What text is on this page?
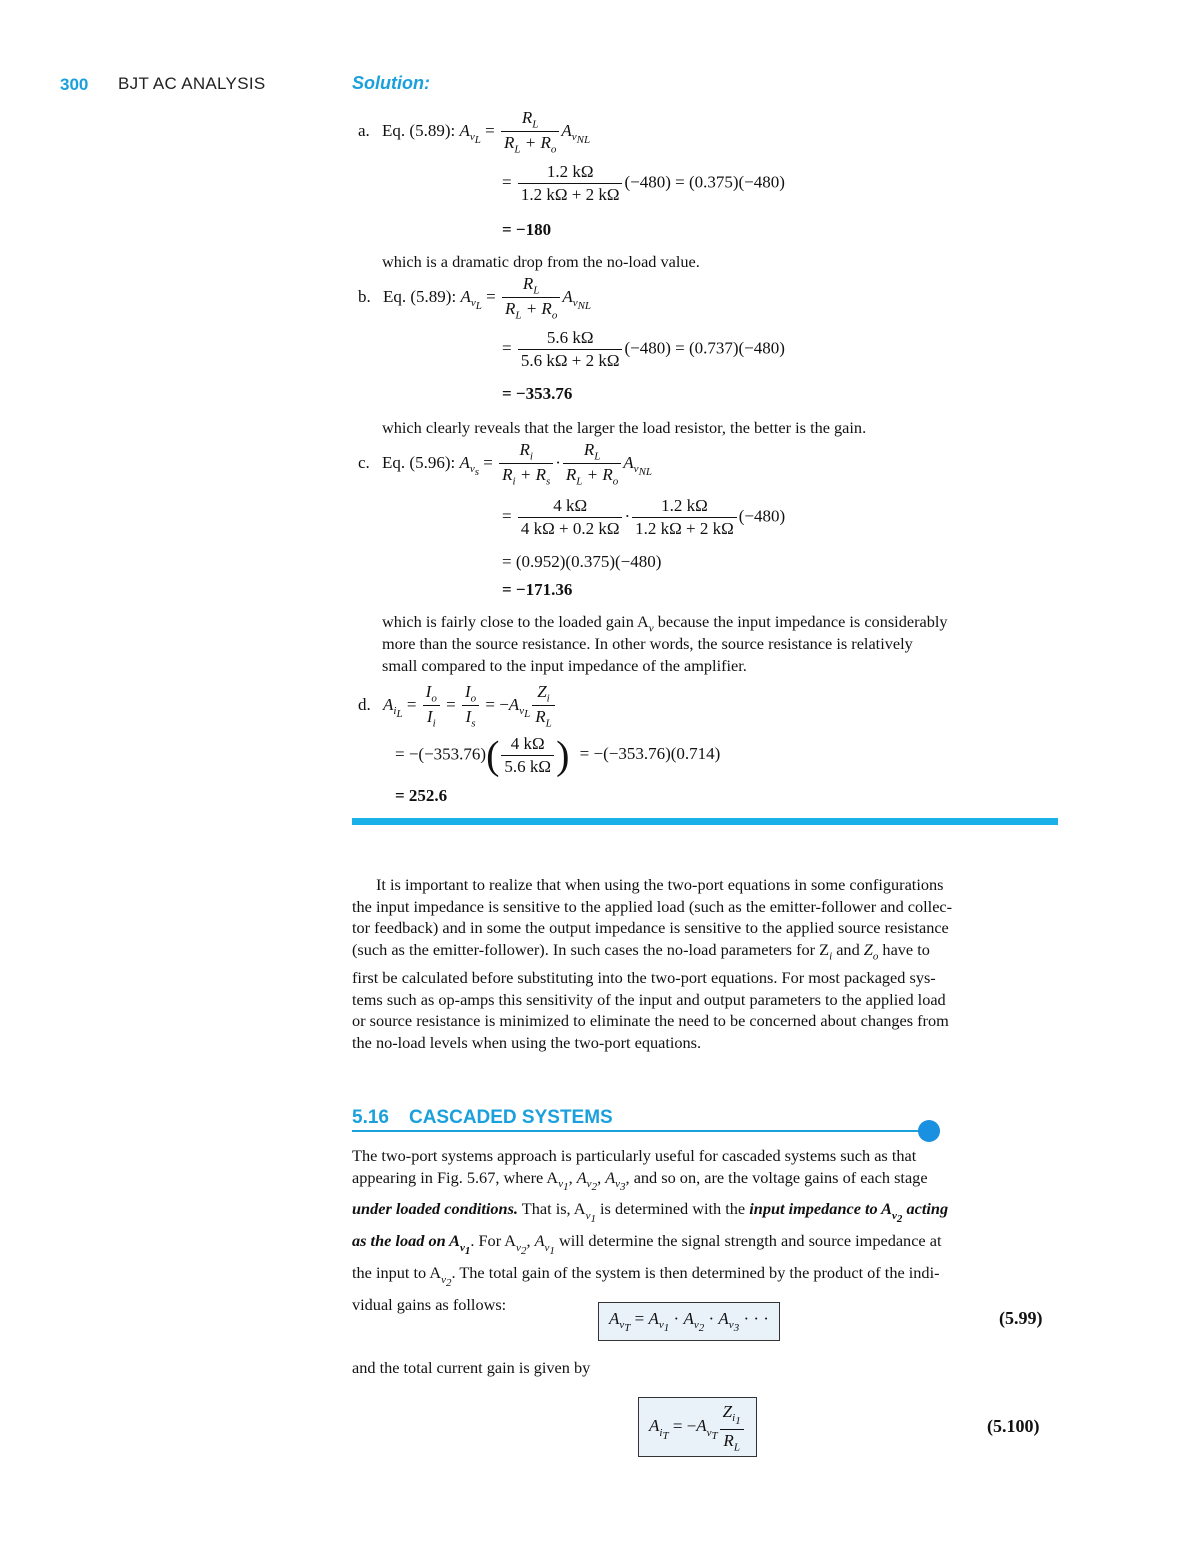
300 BJT AC ANALYSIS	Solution:
a. Eq. (5.89): $A_{v_L} = \frac{R_L}{R_L + R_o} A_{v_{NL}}$
= $\frac{1.2 k\Omega}{1.2 k\Omega + 2 k\Omega} (-480) = (0.375)(-480)$
= −180
which is a dramatic drop from the no-load value.
b. Eq. (5.89): $A_{v_L} = \frac{R_L}{R_L + R_o} A_{v_{NL}}$
= $\frac{5.6 k\Omega}{5.6 k\Omega + 2 k\Omega} (-480) = (0.737)(-480)$
= −353.76
which clearly reveals that the larger the load resistor, the better is the gain.
c. Eq. (5.96): $A_{v_s} = \frac{R_i}{R_i + R_s} \cdot \frac{R_L}{R_L + R_o} A_{v_{NL}}$
= $\frac{4 k\Omega}{4 k\Omega + 0.2 k\Omega} \cdot \frac{1.2 k\Omega}{1.2 k\Omega + 2 k\Omega} (-480)$
= (0.952)(0.375)(−480)
= −171.36
which is fairly close to the loaded gain $A_v$ because the input impedance is considerably
more than the source resistance. In other words, the source resistance is relatively
small compared to the input impedance of the amplifier.
d. $A_{i_L} = \frac{I_o}{I_i} = \frac{I_o}{I_s} = -A_{v_L} \frac{Z_i}{R_L}$
= $-(-353.76)( \frac{4 k\Omega}{5.6 k\Omega}$ ) = −(−353.76)(0.714)
= 252.6
It is important to realize that when using the two-port equations in some configurations
the input impedance is sensitive to the applied load (such as the emitter-follower and collec-
tor feedback) and in some the output impedance is sensitive to the applied source resistance
(such as the emitter-follower). In such cases the no-load parameters for $Z_i$ and $Z_o$ have to
first be calculated before substituting into the two-port equations. For most packaged sys-
tems such as op-amps this sensitivity of the input and output parameters to the applied load
or source resistance is minimized to eliminate the need to be concerned about changes from
the no-load levels when using the two-port equations.
5.16 CASCADED SYSTEMS
The two-port systems approach is particularly useful for cascaded systems such as that
appearing in Fig. 5.67, where $A_{v_1}$, $A_{v_2}$, $A_{v_3}$, and so on, are the voltage gains of each stage
under loaded conditions. That is, $A_{v_1}$ is determined with the input impedance to $A_{v_2}$ acting
as the load on $A_{v_1}$. For $A_{v_2}$, $A_{v_1}$ will determine the signal strength and source impedance at
the input to $A_{v_2}$. The total gain of the system is then determined by the product of the indi-
vidual gains as follows:
$A_{v_T} = A_{v_1} \cdot A_{v_2} \cdot A_{v_3}$ · · ·	(5.99)
and the total current gain is given by
$A_{i_T} = -A_{v_T} \frac{Z_{i_1}}{R_L}$	(5.100)
